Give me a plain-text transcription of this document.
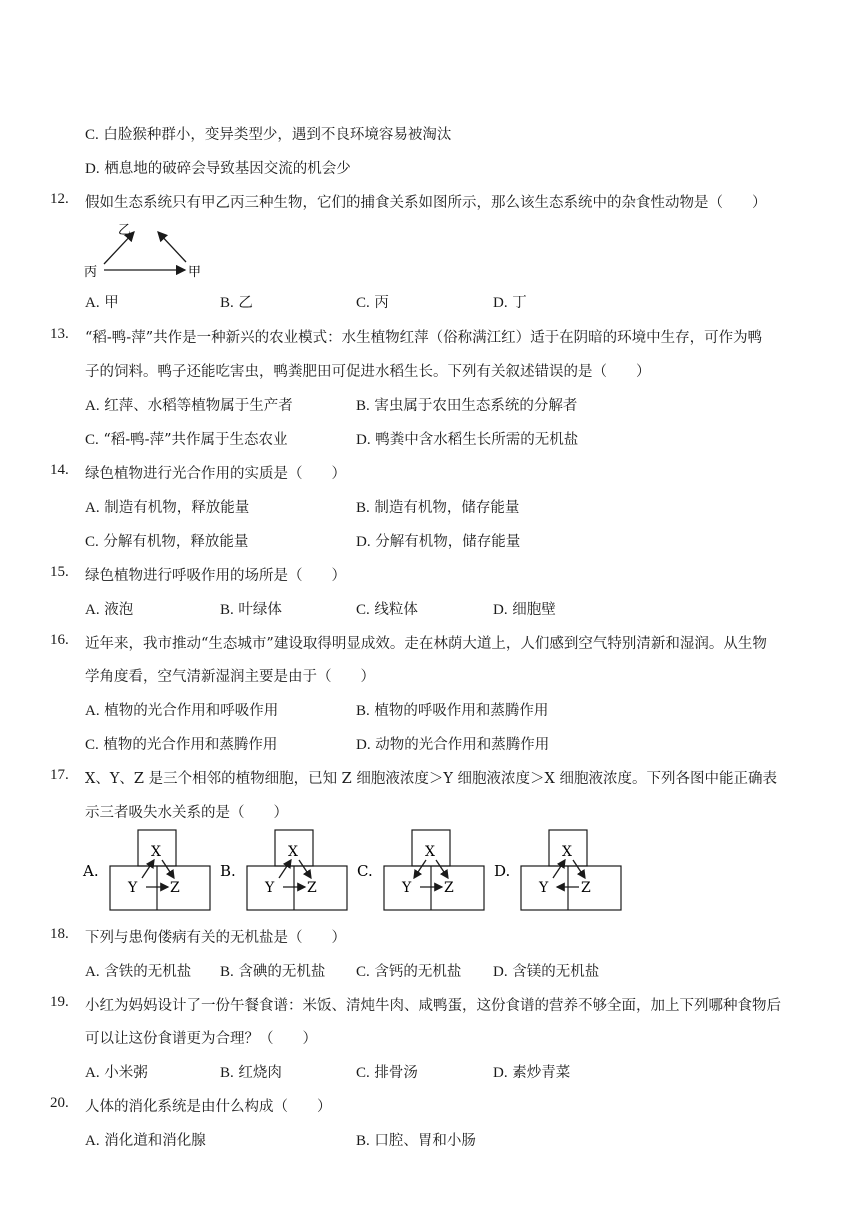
C. 白脸猴种群小，变异类型少，遇到不良环境容易被淘汰
D. 栖息地的破碎会导致基因交流的机会少
12. 假如生态系统只有甲乙丙三种生物，它们的捕食关系如图所示，那么该生态系统中的杂食性动物是（　　）
乙
丙	甲
A. 甲	B. 乙	C. 丙	D. 丁
13. “稻-鸭-萍”共作是一种新兴的农业模式：水生植物红萍（俗称满江红）适于在阴暗的环境中生存，可作为鸭
子的饲料。鸭子还能吃害虫，鸭粪肥田可促进水稻生长。下列有关叙述错误的是（　　）
A. 红萍、水稻等植物属于生产者	B. 害虫属于农田生态系统的分解者
C. “稻-鸭-萍”共作属于生态农业	D. 鸭粪中含水稻生长所需的无机盐
14. 绿色植物进行光合作用的实质是（　　）
A. 制造有机物，释放能量	B. 制造有机物，储存能量
C. 分解有机物，释放能量	D. 分解有机物，储存能量
15. 绿色植物进行呼吸作用的场所是（　　）
A. 液泡	B. 叶绿体	C. 线粒体	D. 细胞壁
16. 近年来，我市推动“生态城市”建设取得明显成效。走在林荫大道上，人们感到空气特别清新和湿润。从生物
学角度看，空气清新湿润主要是由于（　　）
A. 植物的光合作用和呼吸作用	B. 植物的呼吸作用和蒸腾作用
C. 植物的光合作用和蒸腾作用	D. 动物的光合作用和蒸腾作用
17. X、Y、Z 是三个相邻的植物细胞，已知 Z 细胞液浓度＞Y 细胞液浓度＞X 细胞液浓度。下列各图中能正确表
示三者吸失水关系的是（　　）
A.
X
Y Z
B.
X
Y Z
C.
X
Y Z
D.
X
Y Z
18. 下列与患佝偻病有关的无机盐是（　　）
A. 含铁的无机盐 B. 含碘的无机盐 C. 含钙的无机盐 D. 含镁的无机盐
19. 小红为妈妈设计了一份午餐食谱：米饭、清炖牛肉、咸鸭蛋，这份食谱的营养不够全面，加上下列哪种食物后
可以让这份食谱更为合理？（　　）
A. 小米粥	B. 红烧肉	C. 排骨汤	D. 素炒青菜
20. 人体的消化系统是由什么构成（　　）
A. 消化道和消化腺	B. 口腔、胃和小肠
